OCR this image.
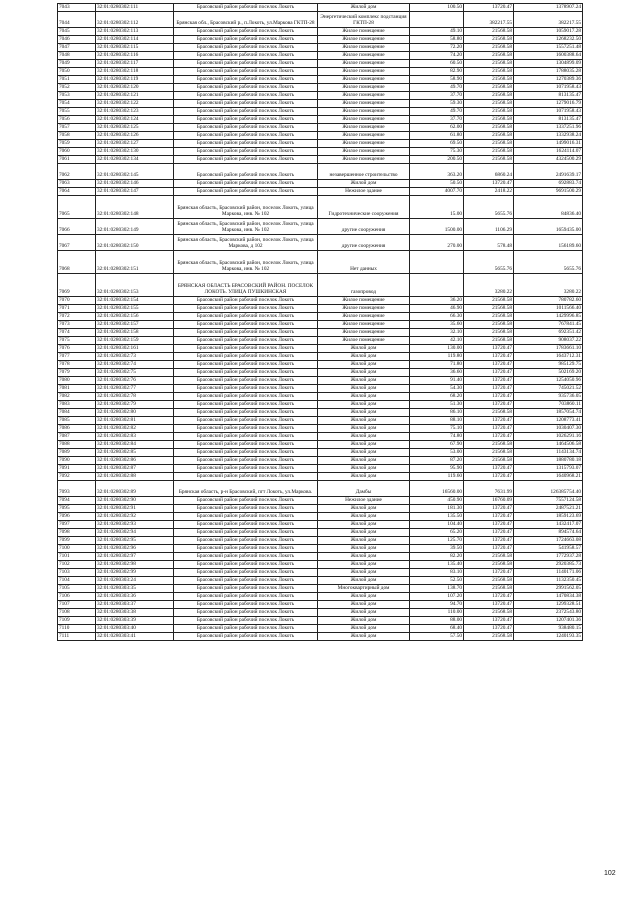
7043	32:01:0280302:111	Брасовский район рабочий поселок Локоть	Жилой дом	100.50	13720.47	1378907.24
7044	32:01:0280302:112	Брянская обл., Брасовский р., п.Локоть, ул.Маркова ГКТП-28	Энергетический комплекс подстанция ГКТП-28		382217.55	382217.55
7045	32:01:0280302:113	Брасовский район рабочий поселок Локоть	Жилое помещение	49.10	21568.58	1059017.28
7046	32:01:0280302:114	Брасовский район рабочий поселок Локоть	Жилое помещение	58.80	21568.58	1268232.50
7047	32:01:0280302:115	Брасовский район рабочий поселок Локоть	Жилое помещение	72.20	21568.58	1557251.48
7048	32:01:0280302:116	Брасовский район рабочий поселок Локоть	Жилое помещение	74.20	21568.58	1600388.64
7049	32:01:0280302:117	Брасовский район рабочий поселок Локоть	Жилое помещение	60.50	21568.58	1304899.09
7050	32:01:0280302:118	Брасовский район рабочий поселок Локоть	Жилое помещение	82.90	21568.58	1788035.28
7051	32:01:0280302:119	Брасовский район рабочий поселок Локоть	Жилое помещение	58.90	21568.58	1270389.36
7052	32:01:0280302:120	Брасовский район рабочий поселок Локоть	Жилое помещение	49.70	21568.58	1071958.43
7053	32:01:0280302:121	Брасовский район рабочий поселок Локоть	Жилое помещение	37.70	21568.58	813135.47
7054	32:01:0280302:122	Брасовский район рабочий поселок Локоть	Жилое помещение	59.30	21568.58	1279016.79
7055	32:01:0280302:123	Брасовский район рабочий поселок Локоть	Жилое помещение	49.70	21568.58	1071958.43
7056	32:01:0280302:124	Брасовский район рабочий поселок Локоть	Жилое помещение	37.70	21568.58	813135.47
7057	32:01:0280302:125	Брасовский район рабочий поселок Локоть	Жилое помещение	62.00	21568.58	1337251.96
7058	32:01:0280302:126	Брасовский район рабочий поселок Локоть	Жилое помещение	61.80	21568.58	1332938.24
7059	32:01:0280302:127	Брасовский район рабочий поселок Локоть	Жилое помещение	69.50	21568.58	1499016.31
7060	32:01:0280302:130	Брасовский район рабочий поселок Локоть	Жилое помещение	75.30	21568.58	1624114.07
7061	32:01:0280302:134	Брасовский район рабочий поселок Локоть	Жилое помещение	200.50	21568.58	4324500.29
7062	32:01:0280302:145	Брасовский район рабочий поселок Локоть	незавершенное строительство	363.20	6860.24	2491639.17
7063	32:01:0280302:146	Брасовский район рабочий поселок Локоть	Жилой дом	50.50	13720.47	692883.74
7064	32:01:0280302:147	Брасовский район рабочий поселок Локоть	Нежилое здание	4007.70	2418.22	9691500.29
7065	32:01:0280302:148	Брянская область, Брасовский район, поселок Локоть, улица Маркова, инв. № 102	Гидротехнические сооружения	15.00	5655.76	84836.40
7066	32:01:0280302:149	Брянская область, Брасовский район, поселок Локоть, улица Маркова, инв. № 102	другие сооружения	1500.00	1106.29	1659435.00
7067	32:01:0280302:150	Брянская область, Брасовский район, поселок Локоть, улица Маркова, д 102	другие сооружения	270.00	578.48	156189.60
7068	32:01:0280302:151	Брянская область, Брасовский район, поселок Локоть, улица Маркова, инв. № 102	Нет данных		5655.76	5655.76
7069	32:01:0280302:153	БРЯНСКАЯ ОБЛАСТЬ БРАСОВСКИЙ РАЙОН. ПОСЕЛОК ЛОКОТЬ. УЛИЦА ПУШКИНСКАЯ	газопровод		3280.22	3280.22
7070	32:01:0280302:154	Брасовский район рабочий поселок Локоть	Жилое помещение	36.20	21568.58	780782.60
7071	32:01:0280302:155	Брасовский район рабочий поселок Локоть	Жилое помещение	46.90	21568.58	1011566.40
7072	32:01:0280302:156	Брасовский район рабочий поселок Локоть	Жилое помещение	66.30	21568.58	1429996.85
7073	32:01:0280302:157	Брасовский район рабочий поселок Локоть	Жилое помещение	35.60	21568.58	767841.45
7074	32:01:0280302:158	Брасовский район рабочий поселок Локоть	Жилое помещение	32.10	21568.58	692351.42
7075	32:01:0280302:159	Брасовский район рабочий поселок Локоть	Жилое помещение	42.10	21568.58	908037.22
7076	32:01:0280302:161	Брасовский район рабочий поселок Локоть	Жилой дом	130.00	13720.47	1783661.10
7077	32:01:0280302:73	Брасовский район рабочий поселок Локоть	Жилой дом	119.80	13720.47	1643712.31
7078	32:01:0280302:74	Брасовский район рабочий поселок Локоть	Жилой дом	71.80	13720.47	985129.75
7079	32:01:0280302:75	Брасовский район рабочий поселок Локоть	Жилой дом	36.60	13720.47	502169.20
7080	32:01:0280302:76	Брасовский район рабочий поселок Локоть	Жилой дом	91.40	13720.47	1254050.96
7081	32:01:0280302:77	Брасовский район рабочий поселок Локоть	Жилой дом	54.30	13720.47	745021.52
7082	32:01:0280302:78	Брасовский район рабочий поселок Локоть	Жилой дом	68.20	13720.47	935736.05
7083	32:01:0280302:79	Брасовский район рабочий поселок Локоть	Жилой дом	51.30	13720.47	703860.11
7084	32:01:0280302:80	Брасовский район рабочий поселок Локоть	Жилой дом	86.10	21568.58	1857054.74
7085	32:01:0280302:81	Брасовский район рабочий поселок Локоть	Жилой дом	88.10	13720.47	1208773.41
7086	32:01:0280302:82	Брасовский район рабочий поселок Локоть	Жилой дом	75.10	13720.47	1030407.30
7087	32:01:0280302:83	Брасовский район рабочий поселок Локоть	Жилой дом	74.80	13720.47	1026291.16
7088	32:01:0280302:84	Брасовский район рабочий поселок Локоть	Жилой дом	67.90	21568.58	1464506.58
7089	32:01:0280302:85	Брасовский район рабочий поселок Локоть	Жилой дом	53.00	21568.58	1143134.74
7090	32:01:0280302:86	Брасовский район рабочий поселок Локоть	Жилой дом	87.20	21568.58	1880780.18
7091	32:01:0280302:87	Брасовский район рабочий поселок Локоть	Жилой дом	95.90	13720.47	1315793.07
7092	32:01:0280302:88	Брасовский район рабочий поселок Локоть	Жилой дом	119.60	13720.47	1640968.21
7093	32:01:0280302:89	Брянская область, р-н Брасовский, пгт Локоть, ул.Маркова.	Дамбы	16560.00	7631.99	126385754.40
7094	32:01:0280302:90	Брасовский район рабочий поселок Локоть	Нежилое здание	450.90	16760.09	7557124.58
7095	32:01:0280302:91	Брасовский район рабочий поселок Локоть	Жилой дом	181.30	13720.47	2487521.21
7096	32:01:0280302:92	Брасовский район рабочий поселок Локоть	Жилой дом	135.50	13720.47	1859123.69
7097	32:01:0280302:93	Брасовский район рабочий поселок Локоть	Жилой дом	104.40	13720.47	1432417.07
7098	32:01:0280302:94	Брасовский район рабочий поселок Локоть	Жилой дом	65.20	13720.47	894574.64
7099	32:01:0280302:95	Брасовский район рабочий поселок Локоть	Жилой дом	125.70	13720.47	1724663.08
7100	32:01:0280302:96	Брасовский район рабочий поселок Локоть	Жилой дом	39.50	13720.47	541958.57
7101	32:01:0280302:97	Брасовский район рабочий поселок Локоть	Жилой дом	82.20	21568.58	1772937.28
7102	32:01:0280302:98	Брасовский район рабочий поселок Локоть	Жилой дом	135.40	21568.58	2920385.73
7103	32:01:0280302:99	Брасовский район рабочий поселок Локоть	Жилой дом	83.10	13720.47	1140171.06
7104	32:01:0280303:24	Брасовский район рабочий поселок Локоть	Жилой дом	52.50	21568.58	1132350.45
7105	32:01:0280303:35	Брасовский район рабочий поселок Локоть	Многоквартирный дом	138.70	21568.58	2991562.05
7106	32:01:0280303:36	Брасовский район рабочий поселок Локоть	Жилой дом	107.20	13720.47	1470834.38
7107	32:01:0280303:37	Брасовский район рабочий поселок Локоть	Жилой дом	94.70	13720.47	1299328.51
7108	32:01:0280303:38	Брасовский район рабочий поселок Локоть	Жилой дом	110.00	21568.58	2372543.80
7109	32:01:0280303:39	Брасовский район рабочий поселок Локоть	Жилой дом	88.00	13720.47	1207401.36
7110	32:01:0280303:40	Брасовский район рабочий поселок Локоть	Жилой дом	68.40	13720.47	938480.15
7111	32:01:0280303:41	Брасовский район рабочий поселок Локоть	Жилой дом	57.50	21568.58	1240193.35
102
